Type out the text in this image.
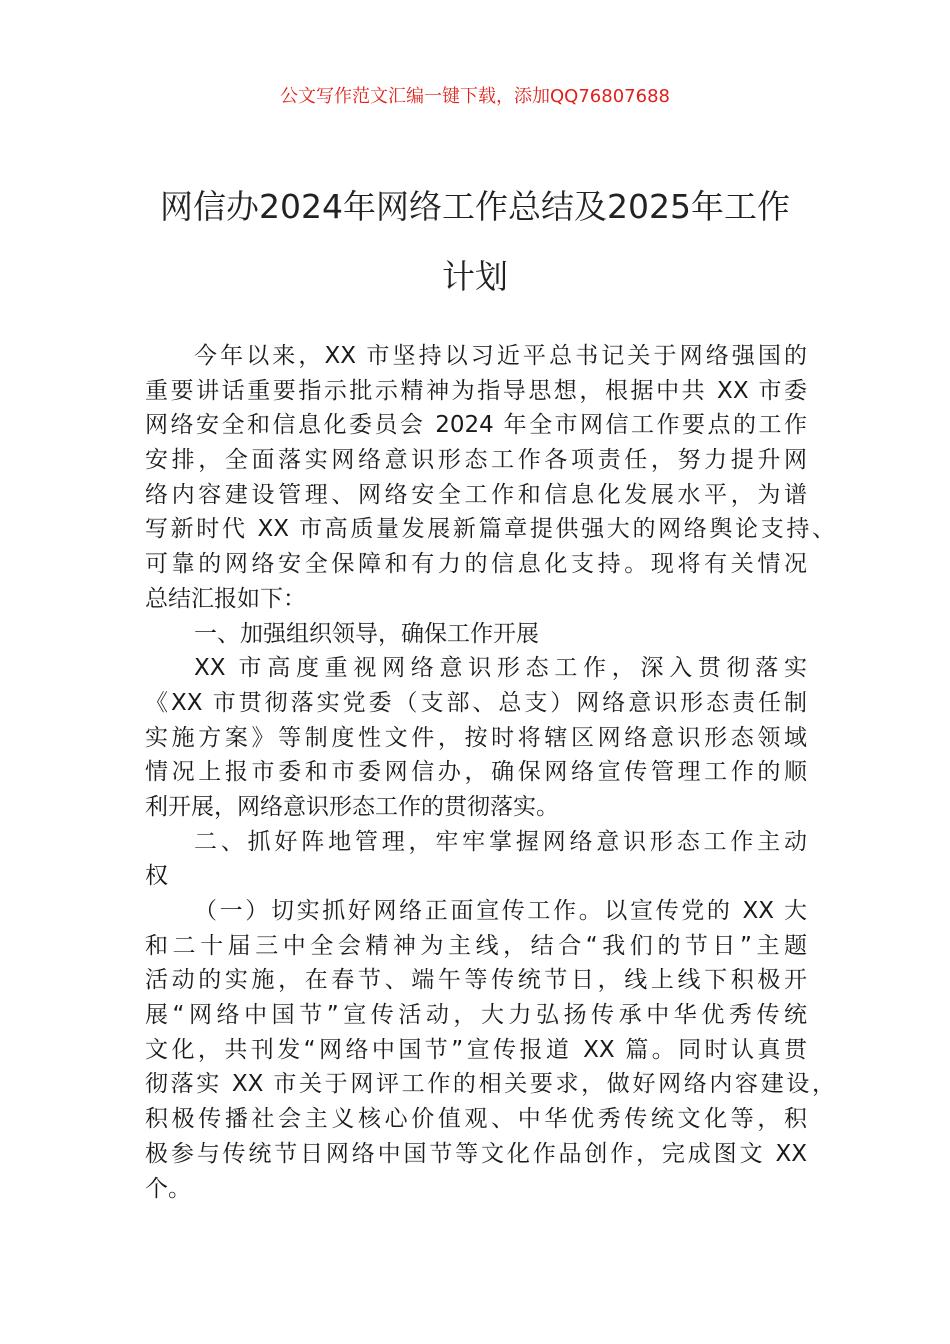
公文写作范文汇编一键下载，添加QQ76807688
网信办2024年网络工作总结及2025年工作
计划
今年以来，XX 市坚持以习近平总书记关于网络强国的
重要讲话重要指示批示精神为指导思想，根据中共 XX 市委
网络安全和信息化委员会 2024 年全市网信工作要点的工作
安排，全面落实网络意识形态工作各项责任，努力提升网
络内容建设管理、网络安全工作和信息化发展水平，为谱
写新时代 XX 市高质量发展新篇章提供强大的网络舆论支持、
可靠的网络安全保障和有力的信息化支持。现将有关情况
总结汇报如下：
一、加强组织领导，确保工作开展
XX 市高度重视网络意识形态工作，深入贯彻落实
《XX 市贯彻落实党委（支部、总支）网络意识形态责任制
实施方案》等制度性文件，按时将辖区网络意识形态领域
情况上报市委和市委网信办，确保网络宣传管理工作的顺
利开展，网络意识形态工作的贯彻落实。
二、抓好阵地管理，牢牢掌握网络意识形态工作主动
权
（一）切实抓好网络正面宣传工作。以宣传党的 XX 大
和二十届三中全会精神为主线，结合“我们的节日”主题
活动的实施，在春节、端午等传统节日，线上线下积极开
展“网络中国节”宣传活动，大力弘扬传承中华优秀传统
文化，共刊发“网络中国节”宣传报道 XX 篇。同时认真贯
彻落实 XX 市关于网评工作的相关要求，做好网络内容建设，
积极传播社会主义核心价值观、中华优秀传统文化等，积
极参与传统节日网络中国节等文化作品创作，完成图文 XX
个。
